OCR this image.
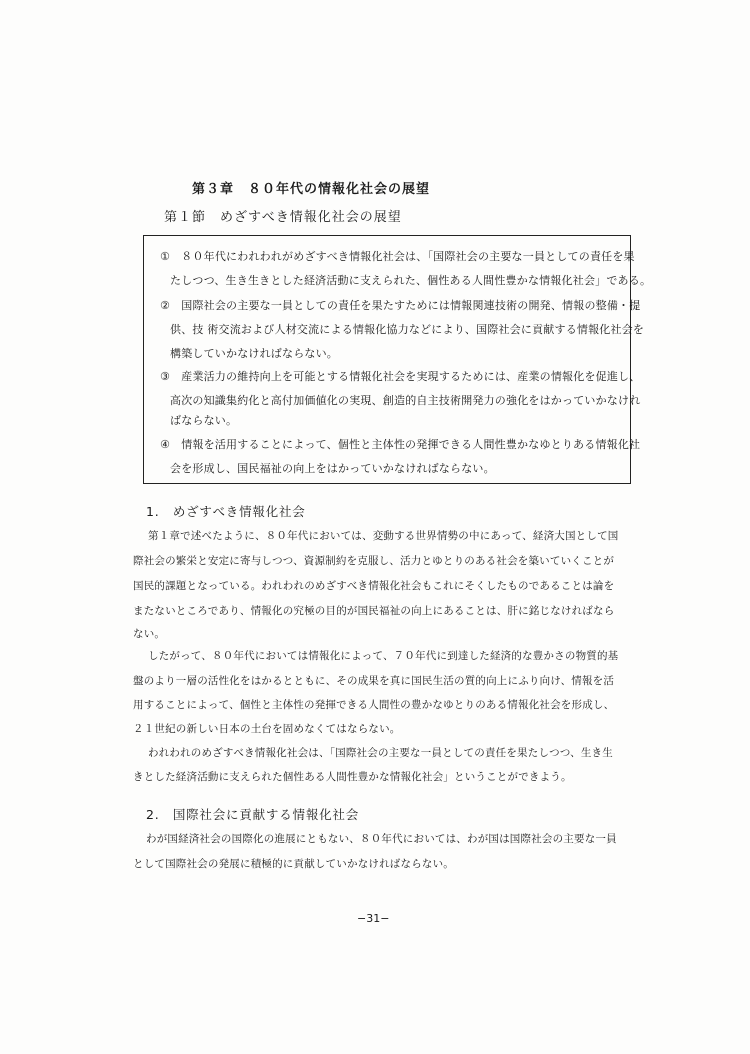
第３章　８０年代の情報化社会の展望
第１節　めざすべき情報化社会の展望
①　８０年代にわれわれがめざすべき情報化社会は、「国際社会の主要な一員としての責任を果
たしつつ、生き生きとした経済活動に支えられた、個性ある人間性豊かな情報化社会」である。
②　国際社会の主要な一員としての責任を果たすためには情報関連技術の開発、情報の整備・提
供、技 術交流および人材交流による情報化協力などにより、国際社会に貢献する情報化社会を
構築していかなければならない。
③　産業活力の維持向上を可能とする情報化社会を実現するためには、産業の情報化を促進し、
高次の知識集約化と高付加価値化の実現、創造的自主技術開発力の強化をはかっていかなけれ
ばならない。
④　情報を活用することによって、個性と主体性の発揮できる人間性豊かなゆとりある情報化社
会を形成し、国民福祉の向上をはかっていかなければならない。
1.　めざすべき情報化社会
第１章で述べたように、８０年代においては、変動する世界情勢の中にあって、経済大国として国
際社会の繁栄と安定に寄与しつつ、資源制約を克服し、活力とゆとりのある社会を築いていくことが
国民的課題となっている。われわれのめざすべき情報化社会もこれにそくしたものであることは論を
またないところであり、情報化の究極の目的が国民福祉の向上にあることは、肝に銘じなければなら
ない。
したがって、８０年代においては情報化によって、７０年代に到達した経済的な豊かさの物質的基
盤のより一層の活性化をはかるとともに、その成果を真に国民生活の質的向上にふり向け、情報を活
用することによって、個性と主体性の発揮できる人間性の豊かなゆとりのある情報化社会を形成し、
２１世紀の新しい日本の土台を固めなくてはならない。
われわれのめざすべき情報化社会は、「国際社会の主要な一員としての責任を果たしつつ、生き生
きとした経済活動に支えられた個性ある人間性豊かな情報化社会」ということができよう。
2.　国際社会に貢献する情報化社会
わが国経済社会の国際化の進展にともない、８０年代においては、わが国は国際社会の主要な一員
として国際社会の発展に積極的に貢献していかなければならない。
−31−
